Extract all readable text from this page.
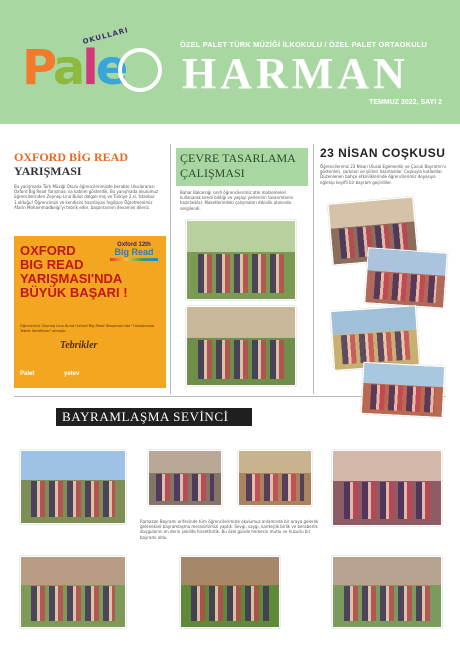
OKULLARI
Pale	ÖZEL PALET TÜRK MÜZİĞİ İLKOKULU / ÖZEL PALET ORTAOKULU
HARMAN
TEMMUZ 2022, SAYI 2
OXFORD BİG READ
YARIŞMASI
Bu yarışmada Türk Müziği Okulu öğrencilerimizde beraber Uluslararası Oxford Big Read Yarışması na katılım gösterdik. Bu yarışmada okulumuz öğrencilerinden Zeynep Lina Bulut dalgalı mış ve Türkiye 2.si, İstanbul 1.olduğu! Öğrencimizi ve kendisini hazırlayan İngilizce Öğretmenimiz Afarin Mohammadbeigi'yi tebrik eder, başarılarının devamını dileriz.
OXFORD
BIG READ
YARIŞMASI'NDA
BÜYÜK BAŞARI !
Oxford 12th
Big Read
Öğrencimiz Zeynep Lina Bulut Oxford Big Read Yarışması'nda "Uluslararası Tebrik Sertifikası" almıştır.
Tebrikler
Palet	yetev
ÇEVRE TASARLAMA
ÇALIŞMASI
Bahar Bakanlığı sınıfı öğrencilerimiz atık malzemeleri kullanarak kendi bildiği ve yaşayı yerlerinin tasarımlarını hazırladılar. Maketlerindeki çalışmaları etkinlik alanında sergilendi.
23 NİSAN COŞKUSU
Öğrencilerimiz 23 Nisan Ulusal Egemenlik ve Çocuk Bayramı'nı gösterileri, şarkıları ve şiirleri hazırladılar. Coşkuyla kutladılar. Düzenlenen bahçe etkinliklerinde öğrencilerimiz doyasıya eğlenip keyifli bir bayram geçirdiler.
BAYRAMLAŞMA SEVİNCİ
Ramazan Bayramı arifesinde tüm öğrencilerimizle okulumuz anlamında bir araya gelerek geleneksel bayramlaşma merasimimizi yaptık. Sevgi, saygı, kardeşlik birlik ve beraberlik duygularını en derin şekilde hissettirdik. Bu özel günde herkesin mutlu ve huzurlu bir bayramı oldu.
